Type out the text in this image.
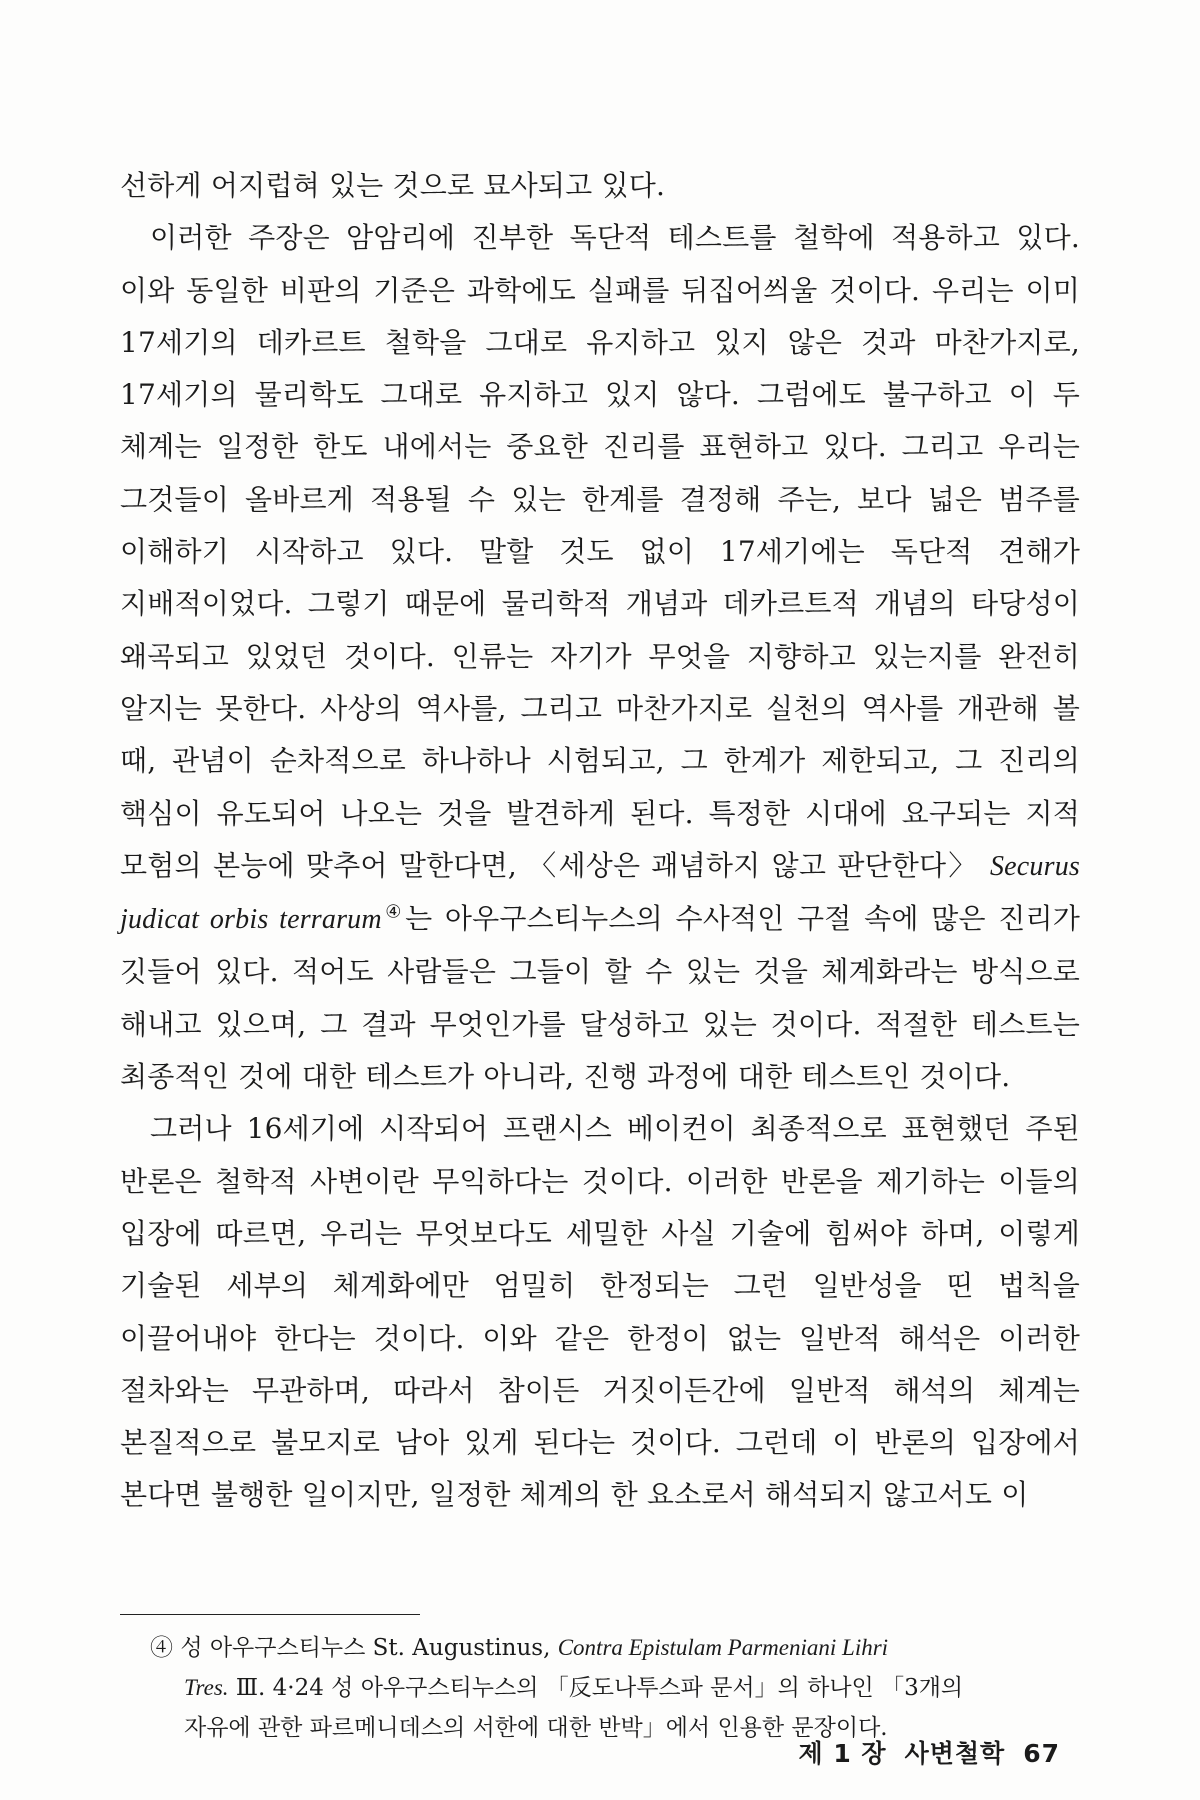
선하게 어지럽혀 있는 것으로 묘사되고 있다.

이러한 주장은 암암리에 진부한 독단적 테스트를 철학에 적용하고 있다. 이와 동일한 비판의 기준은 과학에도 실패를 뒤집어씌울 것이다. 우리는 이미 17세기의 데카르트 철학을 그대로 유지하고 있지 않은 것과 마찬가지로, 17세기의 물리학도 그대로 유지하고 있지 않다. 그럼에도 불구하고 이 두 체계는 일정한 한도 내에서는 중요한 진리를 표현하고 있다. 그리고 우리는 그것들이 올바르게 적용될 수 있는 한계를 결정해 주는, 보다 넓은 범주를 이해하기 시작하고 있다. 말할 것도 없이 17세기에는 독단적 견해가 지배적이었다. 그렇기 때문에 물리학적 개념과 데카르트적 개념의 타당성이 왜곡되고 있었던 것이다. 인류는 자기가 무엇을 지향하고 있는지를 완전히 알지는 못한다. 사상의 역사를, 그리고 마찬가지로 실천의 역사를 개관해 볼 때, 관념이 순차적으로 하나하나 시험되고, 그 한계가 제한되고, 그 진리의 핵심이 유도되어 나오는 것을 발견하게 된다. 특정한 시대에 요구되는 지적 모험의 본능에 맞추어 말한다면, 〈세상은 괘념하지 않고 판단한다〉 Securus judicat orbis terrarum④는 아우구스티누스의 수사적인 구절 속에 많은 진리가 깃들어 있다. 적어도 사람들은 그들이 할 수 있는 것을 체계화라는 방식으로 해내고 있으며, 그 결과 무엇인가를 달성하고 있는 것이다. 적절한 테스트는 최종적인 것에 대한 테스트가 아니라, 진행 과정에 대한 테스트인 것이다.

그러나 16세기에 시작되어 프랜시스 베이컨이 최종적으로 표현했던 주된 반론은 철학적 사변이란 무익하다는 것이다. 이러한 반론을 제기하는 이들의 입장에 따르면, 우리는 무엇보다도 세밀한 사실 기술에 힘써야 하며, 이렇게 기술된 세부의 체계화에만 엄밀히 한정되는 그런 일반성을 띤 법칙을 이끌어내야 한다는 것이다. 이와 같은 한정이 없는 일반적 해석은 이러한 절차와는 무관하며, 따라서 참이든 거짓이든간에 일반적 해석의 체계는 본질적으로 불모지로 남아 있게 된다는 것이다. 그런데 이 반론의 입장에서 본다면 불행한 일이지만, 일정한 체계의 한 요소로서 해석되지 않고서도 이

④ 성 아우구스티누스 St. Augustinus, Contra Epistulam Parmeniani Lihri
Tres. Ⅲ. 4·24 성 아우구스티누스의 「反도나투스파 문서」의 하나인 「3개의
자유에 관한 파르메니데스의 서한에 대한 반박」에서 인용한 문장이다.
제 1 장 사변철학 67
